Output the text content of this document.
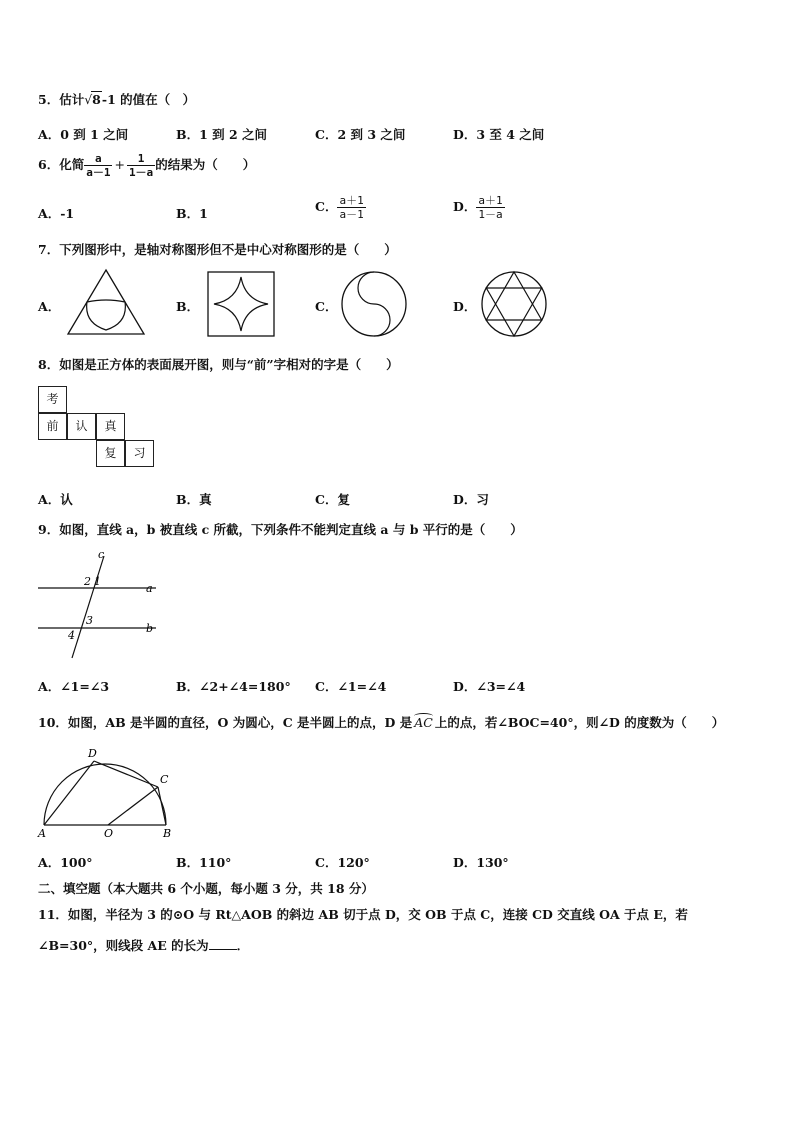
5．估计√8-1 的值在（　）
A．0 到 1 之间	B．1 到 2 之间	C．2 到 3 之间	D．3 至 4 之间
6．化简 $\frac{a}{a-1} + \frac{1}{1-a}$ 的结果为（　　）
A．-1	B．1	C． $\frac{a+1}{a-1}$	D． $\frac{a+1}{1-a}$
7．下列图形中，是轴对称图形但不是中心对称图形的是（　　）
A．	B．	C．	D．
8．如图是正方体的表面展开图，则与“前”字相对的字是（　　）
考
前	认	真
复	习
A．认	B．真	C．复	D．习
9．如图，直线 a，b 被直线 c 所截，下列条件不能判定直线 a 与 b 平行的是（　　）
c
a
b
1
2
3
4
A．∠1=∠3	B．∠2+∠4=180° C．∠1=∠4	D．∠3=∠4
10．如图，AB 是半圆的直径，O 为圆心，C 是半圆上的点，D 是 AC 上的点，若∠BOC=40°，则∠D 的度数为（　　）
A	O	B
D
C
A．100°	B．110°	C．120°	D．130°
二、填空题（本大题共 6 个小题，每小题 3 分，共 18 分）
11．如图，半径为 3 的⊙O 与 Rt△AOB 的斜边 AB 切于点 D，交 OB 于点 C，连接 CD 交直线 OA 于点 E，若
∠B=30°，则线段 AE 的长为 ．
